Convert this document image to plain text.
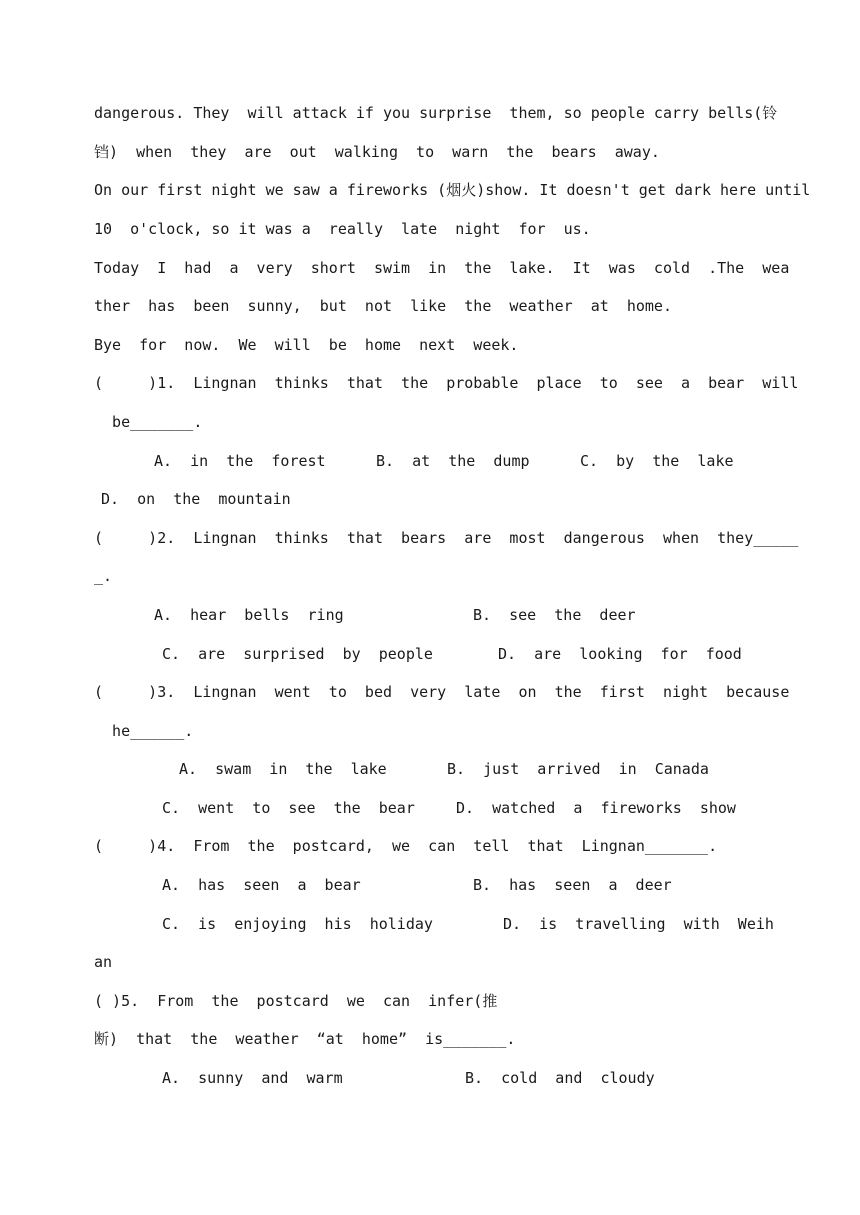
dangerous. They  will attack if you surprise  them, so people carry bells(铃
铛)  when  they  are  out  walking  to  warn  the  bears  away.
On our first night we saw a fireworks (烟火)show. It doesn't get dark here until
10  o'clock, so it was a  really  late  night  for  us.
Today  I  had  a  very  short  swim  in  the  lake.  It  was  cold  .The  wea
ther  has  been  sunny,  but  not  like  the  weather  at  home.
Bye  for  now.  We  will  be  home  next  week.
(     )1.  Lingnan  thinks  that  the  probable  place  to  see  a  bear  will
be_______.
A.  in  the  forest	B.  at  the  dump	C.  by  the  lake
D.  on  the  mountain
(     )2.  Lingnan  thinks  that  bears  are  most  dangerous  when  they_____
_.
A.  hear  bells  ring	B.  see  the  deer
C.  are  surprised  by  people	D.  are  looking  for  food
(     )3.  Lingnan  went  to  bed  very  late  on  the  first  night  because
he______.
A.  swam  in  the  lake	B.  just  arrived  in  Canada
C.  went  to  see  the  bear	D.  watched  a  fireworks  show
(     )4.  From  the  postcard,  we  can  tell  that  Lingnan_______.
A.  has  seen  a  bear	B.  has  seen  a  deer
C.  is  enjoying  his  holiday	D.  is  travelling  with  Weih
an
( )5.  From  the  postcard  we  can  infer(推
断)  that  the  weather  “at  home”  is_______.
A.  sunny  and  warm	B.  cold  and  cloudy
